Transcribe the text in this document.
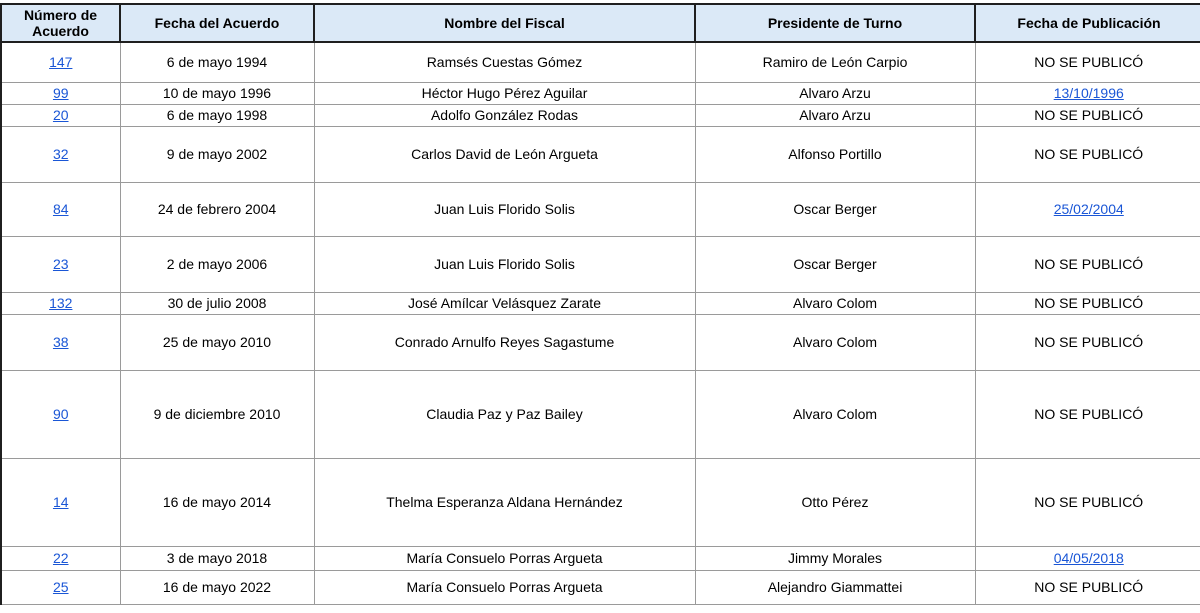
Número de Acuerdo	Fecha del Acuerdo	Nombre del Fiscal	Presidente de Turno	Fecha de Publicación
147	6 de mayo 1994	Ramsés Cuestas Gómez	Ramiro de León Carpio	NO SE PUBLICÓ
99	10 de mayo 1996	Héctor Hugo Pérez Aguilar	Alvaro Arzu	13/10/1996
20	6 de mayo 1998	Adolfo González Rodas	Alvaro Arzu	NO SE PUBLICÓ
32	9 de mayo 2002	Carlos David de León Argueta	Alfonso Portillo	NO SE PUBLICÓ
84	24 de febrero 2004	Juan Luis Florido Solis	Oscar Berger	25/02/2004
23	2 de mayo 2006	Juan Luis Florido Solis	Oscar Berger	NO SE PUBLICÓ
132	30 de julio 2008	José Amílcar Velásquez Zarate	Alvaro Colom	NO SE PUBLICÓ
38	25 de mayo 2010	Conrado Arnulfo Reyes Sagastume	Alvaro Colom	NO SE PUBLICÓ
90	9 de diciembre 2010	Claudia Paz y Paz Bailey	Alvaro Colom	NO SE PUBLICÓ
14	16 de mayo 2014	Thelma Esperanza Aldana Hernández	Otto Pérez	NO SE PUBLICÓ
22	3 de mayo 2018	María Consuelo Porras Argueta	Jimmy Morales	04/05/2018
25	16 de mayo 2022	María Consuelo Porras Argueta	Alejandro Giammattei	NO SE PUBLICÓ
